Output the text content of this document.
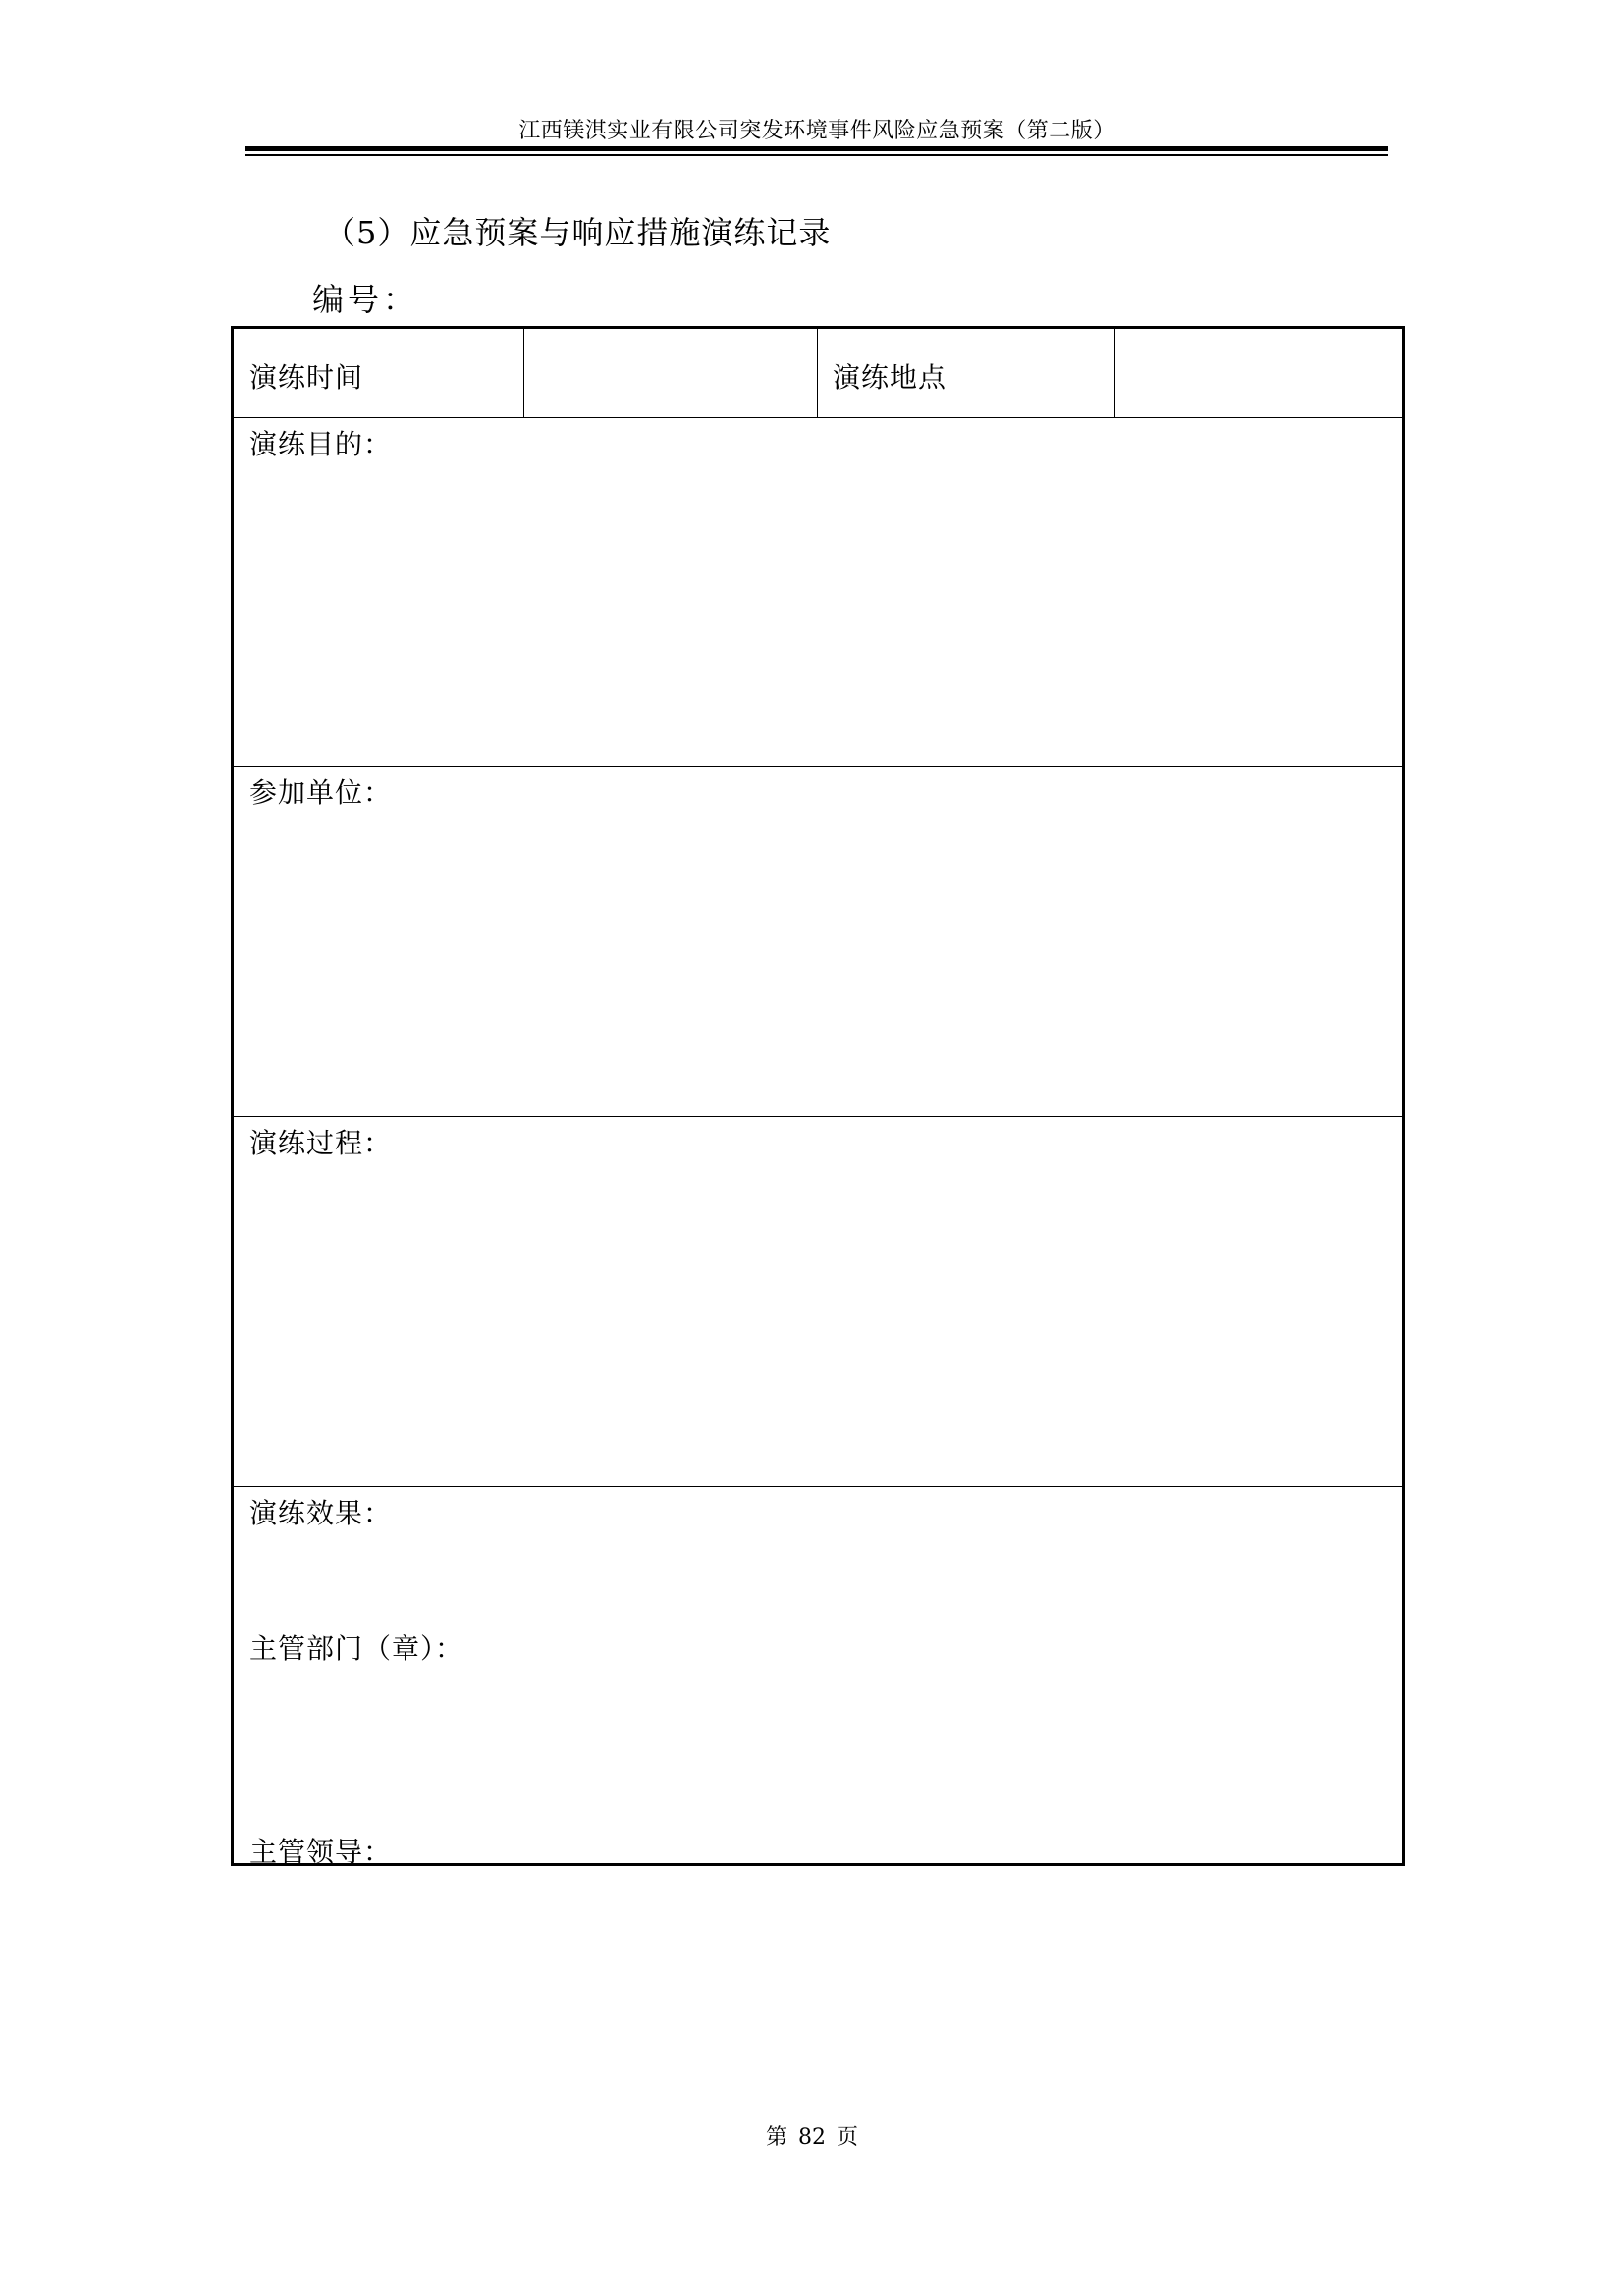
江西镁淇实业有限公司突发环境事件风险应急预案（第二版）
（5）应急预案与响应措施演练记录
编号：
演练时间	演练地点
演练目的：
参加单位：
演练过程：
演练效果：
主管部门（章）：
主管领导：
第 82 页
